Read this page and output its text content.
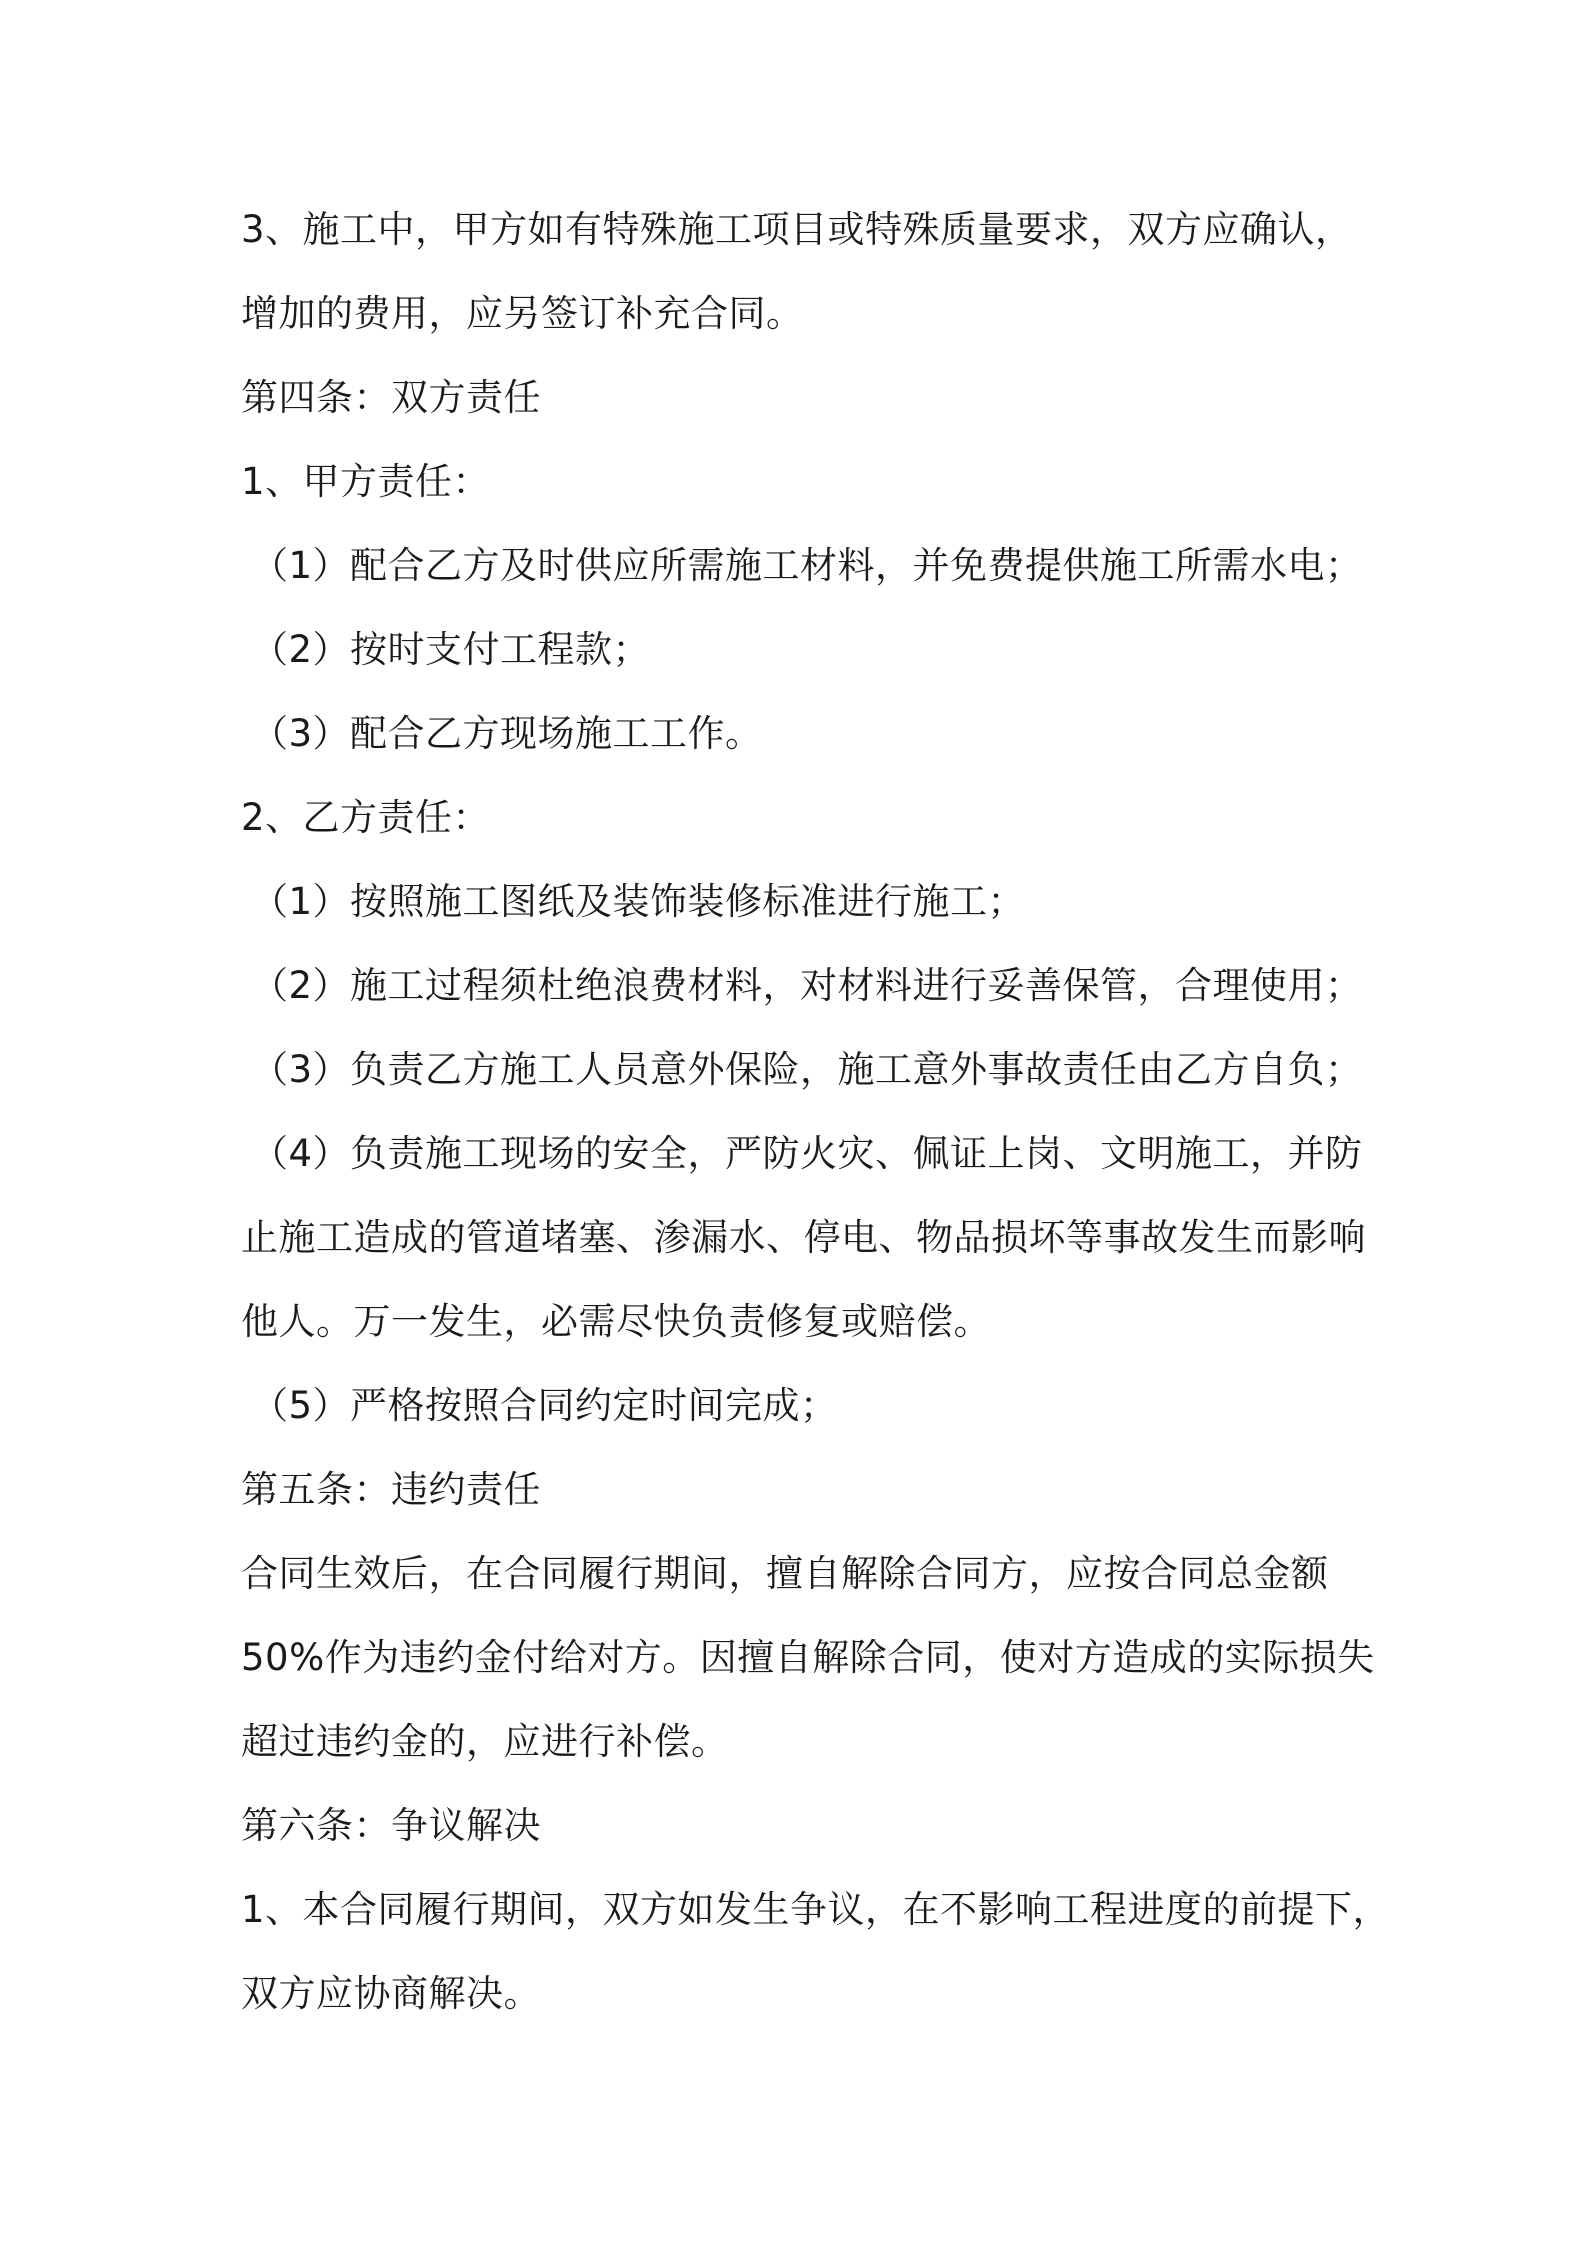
3、施工中，甲方如有特殊施工项目或特殊质量要求，双方应确认，
增加的费用，应另签订补充合同。
第四条：双方责任
1、甲方责任：
（1）配合乙方及时供应所需施工材料，并免费提供施工所需水电；
（2）按时支付工程款；
（3）配合乙方现场施工工作。
2、乙方责任：
（1）按照施工图纸及装饰装修标准进行施工；
（2）施工过程须杜绝浪费材料，对材料进行妥善保管，合理使用；
（3）负责乙方施工人员意外保险，施工意外事故责任由乙方自负；
（4）负责施工现场的安全，严防火灾、佩证上岗、文明施工，并防
止施工造成的管道堵塞、渗漏水、停电、物品损坏等事故发生而影响
他人。万一发生，必需尽快负责修复或赔偿。
（5）严格按照合同约定时间完成；
第五条：违约责任
合同生效后，在合同履行期间，擅自解除合同方，应按合同总金额
50%作为违约金付给对方。因擅自解除合同，使对方造成的实际损失
超过违约金的，应进行补偿。
第六条：争议解决
1、本合同履行期间，双方如发生争议，在不影响工程进度的前提下，
双方应协商解决。
